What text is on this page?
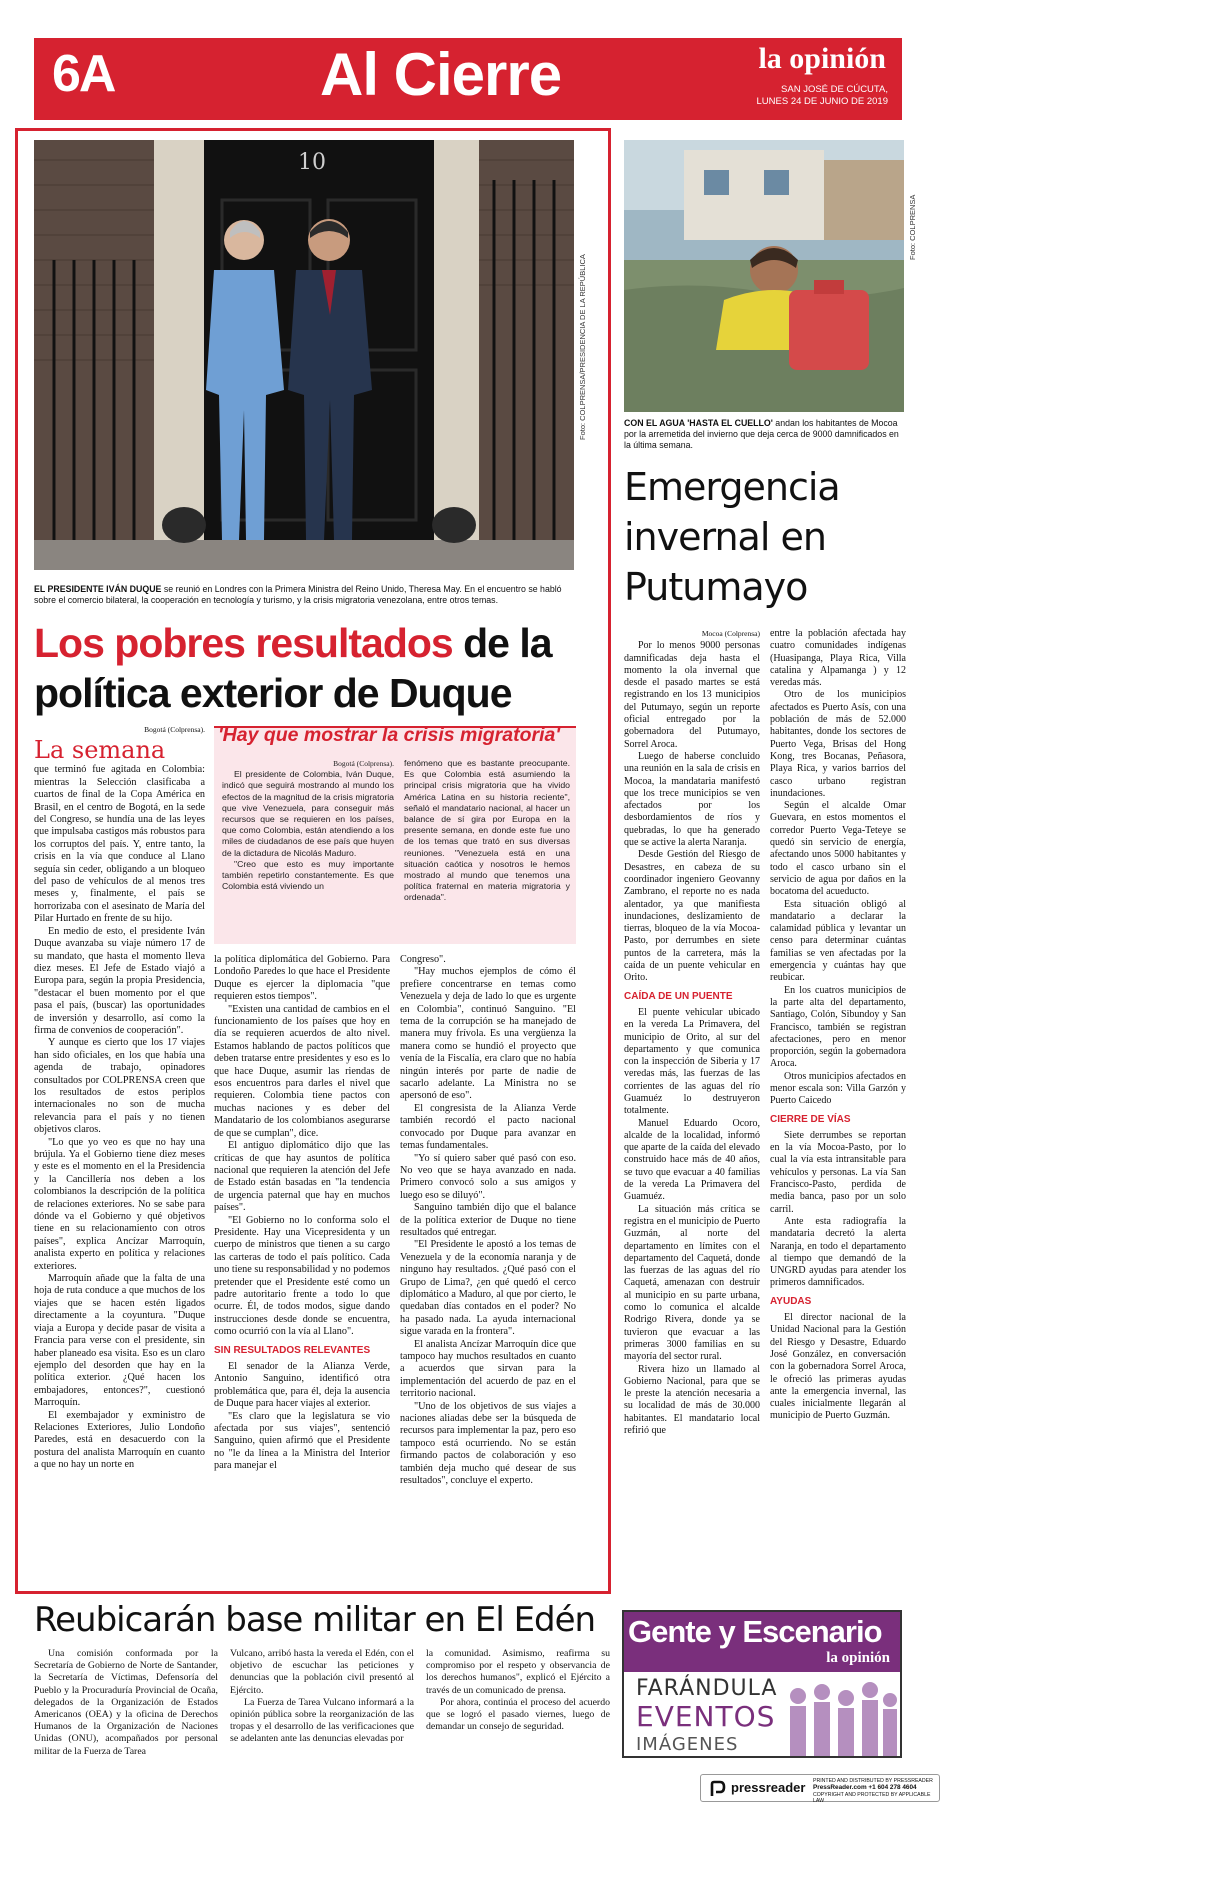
6A	Al Cierre	la opinión
SAN JOSÉ DE CÚCUTA,
LUNES 24 DE JUNIO DE 2019
10
Foto: COLPRENSA/PRESIDENCIA DE LA REPÚBLICA
EL PRESIDENTE IVÁN DUQUE se reunió en Londres con la Primera Ministra del Reino Unido, Theresa May. En el encuentro se habló sobre el comercio bilateral, la cooperación en tecnología y turismo, y la crisis migratoria venezolana, entre otros temas.
Foto: COLPRENSA
CON EL AGUA 'HASTA EL CUELLO' andan los habitantes de Mocoa por la arremetida del invierno que deja cerca de 9000 damnificados en la última semana.
Los pobres resultados de la política exterior de Duque
Bogotá (Colprensa).
La semana

que terminó fue agitada en Colombia: mientras la Selección clasificaba a cuartos de final de la Copa América en Brasil, en el centro de Bogotá, en la sede del Congreso, se hundía una de las leyes que impulsaba castigos más robustos para los corruptos del país. Y, entre tanto, la crisis en la vía que conduce al Llano seguía sin ceder, obligando a un bloqueo del paso de vehículos de al menos tres meses y, finalmente, el país se horrorizaba con el asesinato de María del Pilar Hurtado en frente de su hijo.

En medio de esto, el presidente Iván Duque avanzaba su viaje número 17 de su mandato, que hasta el momento lleva diez meses. El Jefe de Estado viajó a Europa para, según la propia Presidencia, "destacar el buen momento por el que pasa el país, (buscar) las oportunidades de inversión y desarrollo, así como la firma de convenios de cooperación".

Y aunque es cierto que los 17 viajes han sido oficiales, en los que había una agenda de trabajo, opinadores consultados por COLPRENSA creen que los resultados de estos periplos internacionales no son de mucha relevancia para el país y no tienen objetivos claros.

"Lo que yo veo es que no hay una brújula. Ya el Gobierno tiene diez meses y este es el momento en el la Presidencia y la Cancillería nos deben a los colombianos la descripción de la política de relaciones exteriores. No se sabe para dónde va el Gobierno y qué objetivos tiene en su relacionamiento con otros países", explica Ancízar Marroquín, analista experto en política y relaciones exteriores.

Marroquín añade que la falta de una hoja de ruta conduce a que muchos de los viajes que se hacen estén ligados directamente a la coyuntura. "Duque viaja a Europa y decide pasar de visita a Francia para verse con el presidente, sin haber planeado esa visita. Eso es un claro ejemplo del desorden que hay en la política exterior. ¿Qué hacen los embajadores, entonces?", cuestionó Marroquín.

El exembajador y exministro de Relaciones Exteriores, Julio Londoño Paredes, está en desacuerdo con la postura del analista Marroquín en cuanto a que no hay un norte en

'Hay que mostrar la crisis migratoria'
Bogotá (Colprensa).

El presidente de Colombia, Iván Duque, indicó que seguirá mostrando al mundo los efectos de la magnitud de la crisis migratoria que vive Venezuela, para conseguir más recursos que se requieren en los países, que como Colombia, están atendiendo a los miles de ciudadanos de ese país que huyen de la dictadura de Nicolás Maduro.

"Creo que esto es muy importante también repetirlo constantemente. Es que Colombia está viviendo un

fenómeno que es bastante preocupante. Es que Colombia está asumiendo la principal crisis migratoria que ha vivido América Latina en su historia reciente", señaló el mandatario nacional, al hacer un balance de sí gira por Europa en la presente semana, en donde este fue uno de los temas que trató en sus diversas reuniones. "Venezuela está en una situación caótica y nosotros le hemos mostrado al mundo que tenemos una política fraternal en materia migratoria y ordenada".

la política diplomática del Gobierno. Para Londoño Paredes lo que hace el Presidente Duque es ejercer la diplomacia "que requieren estos tiempos".

"Existen una cantidad de cambios en el funcionamiento de los países que hoy en día se requieren acuerdos de alto nivel. Estamos hablando de pactos políticos que deben tratarse entre presidentes y eso es lo que hace Duque, asumir las riendas de esos encuentros para darles el nivel que requieren. Colombia tiene pactos con muchas naciones y es deber del Mandatario de los colombianos asegurarse de que se cumplan", dice.

El antiguo diplomático dijo que las críticas de que hay asuntos de política nacional que requieren la atención del Jefe de Estado están basadas en "la tendencia de urgencia paternal que hay en muchos países".

"El Gobierno no lo conforma solo el Presidente. Hay una Vicepresidenta y un cuerpo de ministros que tienen a su cargo las carteras de todo el país político. Cada uno tiene su responsabilidad y no podemos pretender que el Presidente esté como un padre autoritario frente a todo lo que ocurre. Él, de todos modos, sigue dando instrucciones desde donde se encuentra, como ocurrió con la vía al Llano".

SIN RESULTADOS RELEVANTES

El senador de la Alianza Verde, Antonio Sanguino, identificó otra problemática que, para él, deja la ausencia de Duque para hacer viajes al exterior.

"Es claro que la legislatura se vio afectada por sus viajes", sentenció Sanguino, quien afirmó que el Presidente no "le da línea a la Ministra del Interior para manejar el

Congreso".

"Hay muchos ejemplos de cómo él prefiere concentrarse en temas como Venezuela y deja de lado lo que es urgente en Colombia", continuó Sanguino. "El tema de la corrupción se ha manejado de manera muy frívola. Es una vergüenza la manera como se hundió el proyecto que venía de la Fiscalía, era claro que no había ningún interés por parte de nadie de sacarlo adelante. La Ministra no se apersonó de eso".

El congresista de la Alianza Verde también recordó el pacto nacional convocado por Duque para avanzar en temas fundamentales.

"Yo sí quiero saber qué pasó con eso. No veo que se haya avanzado en nada. Primero convocó solo a sus amigos y luego eso se diluyó".

Sanguino también dijo que el balance de la política exterior de Duque no tiene resultados qué entregar.

"El Presidente le apostó a los temas de Venezuela y de la economía naranja y de ninguno hay resultados. ¿Qué pasó con el Grupo de Lima?, ¿en qué quedó el cerco diplomático a Maduro, al que por cierto, le quedaban días contados en el poder? No ha pasado nada. La ayuda internacional sigue varada en la frontera".

El analista Ancízar Marroquín dice que tampoco hay muchos resultados en cuanto a acuerdos que sirvan para la implementación del acuerdo de paz en el territorio nacional.

"Uno de los objetivos de sus viajes a naciones aliadas debe ser la búsqueda de recursos para implementar la paz, pero eso tampoco está ocurriendo. No se están firmando pactos de colaboración y eso también deja mucho qué desear de sus resultados", concluye el experto.

Emergencia invernal en Putumayo
Mocoa (Colprensa)

Por lo menos 9000 personas damnificadas deja hasta el momento la ola invernal que desde el pasado martes se está registrando en los 13 municipios del Putumayo, según un reporte oficial entregado por la gobernadora del Putumayo, Sorrel Aroca.

Luego de haberse concluido una reunión en la sala de crisis en Mocoa, la mandataria manifestó que los trece municipios se ven afectados por los desbordamientos de ríos y quebradas, lo que ha generado que se active la alerta Naranja.

Desde Gestión del Riesgo de Desastres, en cabeza de su coordinador ingeniero Geovanny Zambrano, el reporte no es nada alentador, ya que manifiesta inundaciones, deslizamiento de tierras, bloqueo de la vía Mocoa-Pasto, por derrumbes en siete puntos de la carretera, más la caída de un puente vehicular en Orito.

CAÍDA DE UN PUENTE

El puente vehicular ubicado en la vereda La Primavera, del municipio de Orito, al sur del departamento y que comunica con la inspección de Siberia y 17 veredas más, las fuerzas de las corrientes de las aguas del río Guamuéz lo destruyeron totalmente.

Manuel Eduardo Ocoro, alcalde de la localidad, informó que aparte de la caída del elevado construido hace más de 40 años, se tuvo que evacuar a 40 familias de la vereda La Primavera del Guamuéz.

La situación más crítica se registra en el municipio de Puerto Guzmán, al norte del departamento en límites con el departamento del Caquetá, donde las fuerzas de las aguas del río Caquetá, amenazan con destruir al municipio en su parte urbana, como lo comunica el alcalde Rodrigo Rivera, donde ya se tuvieron que evacuar a las primeras 3000 familias en su mayoría del sector rural.

Rivera hizo un llamado al Gobierno Nacional, para que se le preste la atención necesaria a su localidad de más de 30.000 habitantes. El mandatario local refirió que

entre la población afectada hay cuatro comunidades indígenas (Huasipanga, Playa Rica, Villa catalina y Alpamanga ) y 12 veredas más.

Otro de los municipios afectados es Puerto Asís, con una población de más de 52.000 habitantes, donde los sectores de Puerto Vega, Brisas del Hong Kong, tres Bocanas, Peñasora, Playa Rica, y varios barrios del casco urbano registran inundaciones.

Según el alcalde Omar Guevara, en estos momentos el corredor Puerto Vega-Teteye se quedó sin servicio de energía, afectando unos 5000 habitantes y todo el casco urbano sin el servicio de agua por daños en la bocatoma del acueducto.

Esta situación obligó al mandatario a declarar la calamidad pública y levantar un censo para determinar cuántas familias se ven afectadas por la emergencia y cuántas hay que reubicar.

En los cuatros municipios de la parte alta del departamento, Santiago, Colón, Sibundoy y San Francisco, también se registran afectaciones, pero en menor proporción, según la gobernadora Aroca.

Otros municipios afectados en menor escala son: Villa Garzón y Puerto Caicedo

CIERRE DE VÍAS

Siete derrumbes se reportan en la vía Mocoa-Pasto, por lo cual la vía esta intransitable para vehículos y personas. La vía San Francisco-Pasto, perdida de media banca, paso por un solo carril.

Ante esta radiografía la mandataria decretó la alerta Naranja, en todo el departamento al tiempo que demandó de la UNGRD ayudas para atender los primeros damnificados.

AYUDAS

El director nacional de la Unidad Nacional para la Gestión del Riesgo y Desastre, Eduardo José González, en conversación con la gobernadora Sorrel Aroca, le ofreció las primeras ayudas ante la emergencia invernal, las cuales inicialmente llegarán al municipio de Puerto Guzmán.

Reubicarán base militar en El Edén

Una comisión conformada por la Secretaría de Gobierno de Norte de Santander, la Secretaría de Víctimas, Defensoría del Pueblo y la Procuraduría Provincial de Ocaña, delegados de la Organización de Estados Americanos (OEA) y la oficina de Derechos Humanos de la Organización de Naciones Unidas (ONU), acompañados por personal militar de la Fuerza de Tarea

Vulcano, arribó hasta la vereda el Edén, con el objetivo de escuchar las peticiones y denuncias que la población civil presentó al Ejército.

La Fuerza de Tarea Vulcano informará a la opinión pública sobre la reorganización de las tropas y el desarrollo de las verificaciones que se adelanten ante las denuncias elevadas por

la comunidad. Asimismo, reafirma su compromiso por el respeto y observancia de los derechos humanos", explicó el Ejército a través de un comunicado de prensa.

Por ahora, continúa el proceso del acuerdo que se logró el pasado viernes, luego de demandar un consejo de seguridad.

Gente y Escenario
la opinión
FARÁNDULA
EVENTOS
IMÁGENES
pressreader PRINTED AND DISTRIBUTED BY PRESSREADER
PressReader.com +1 604 278 4604
COPYRIGHT AND PROTECTED BY APPLICABLE LAW
